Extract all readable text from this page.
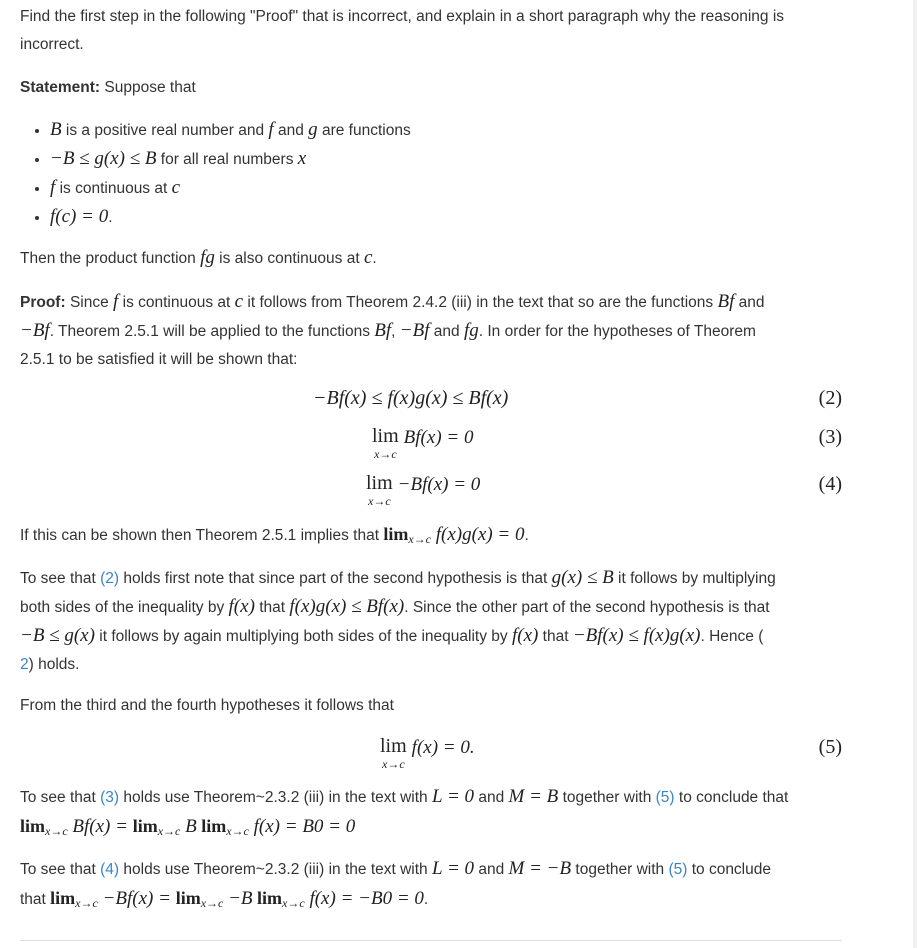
Find the first step in the following "Proof" that is incorrect, and explain in a short paragraph why the reasoning is incorrect.

Statement: Suppose that

• B is a positive real number and f and g are functions
• −B ≤ g(x) ≤ B for all real numbers x
• f is continuous at c
• f(c) = 0.

Then the product function fg is also continuous at c.

Proof: Since f is continuous at c it follows from Theorem 2.4.2 (iii) in the text that so are the functions Bf and
−Bf. Theorem 2.5.1 will be applied to the functions Bf, −Bf and fg. In order for the hypotheses of Theorem
2.5.1 to be satisfied it will be shown that:

−Bf(x) ≤ f(x)g(x) ≤ Bf(x)	(2)
lim
x→c
Bf(x) = 0	(3)
lim
x→c
−Bf(x) = 0	(4)

If this can be shown then Theorem 2.5.1 implies that $\lim_{x\to c} f(x)g(x) = 0$.

To see that (2) holds first note that since part of the second hypothesis is that g(x) ≤ B it follows by multiplying
both sides of the inequality by f(x) that f(x)g(x) ≤ Bf(x). Since the other part of the second hypothesis is that
−B ≤ g(x) it follows by again multiplying both sides of the inequality by f(x) that −Bf(x) ≤ f(x)g(x). Hence (
2) holds.

From the third and the fourth hypotheses it follows that

lim
x→c
f(x) = 0.	(5)

To see that (3) holds use Theorem~2.3.2 (iii) in the text with L = 0 and M = B together with (5) to conclude that
$\lim_{x\to c} Bf(x) = \lim_{x\to c} B$ $\lim_{x\to c} f(x) = B0 = 0$

To see that (4) holds use Theorem~2.3.2 (iii) in the text with L = 0 and M = −B together with (5) to conclude
that $\lim_{x\to c} -Bf(x) = \lim_{x\to c} -B$ $\lim_{x\to c} f(x) = -B0 = 0$.
